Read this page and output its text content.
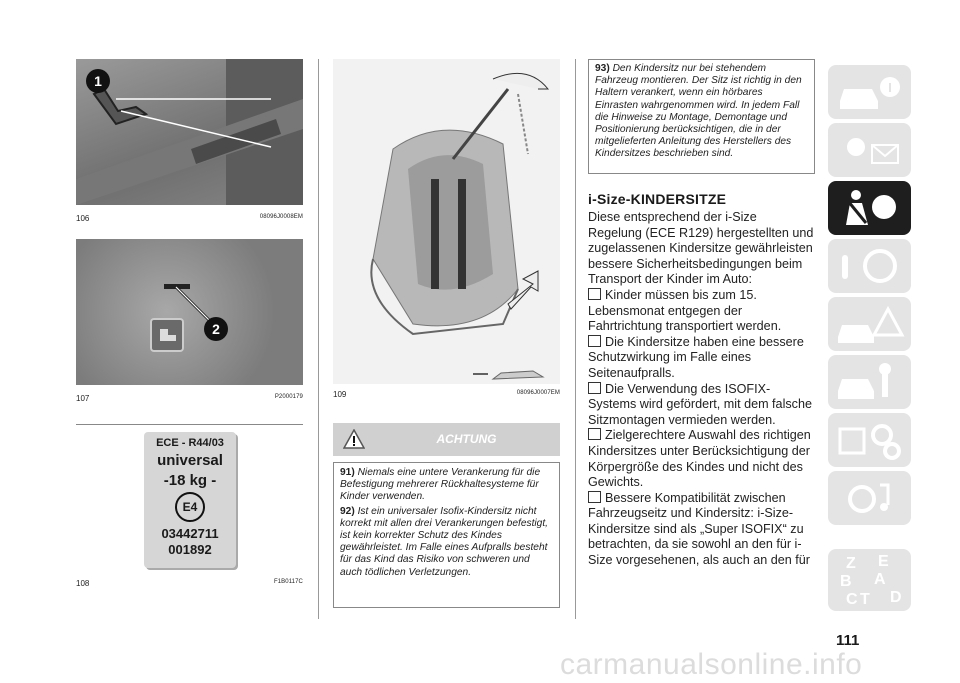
1
106	08096J0008EM
2
107	P2000179
ECE - R44/03
universal
-18 kg -
E4
03442711
001892
108	F1B0117C
109	08096J0007EM
ACHTUNG
91) Niemals eine untere Verankerung für die Befestigung mehrerer Rückhaltesysteme für Kinder verwenden.
92) Ist ein universaler Isofix-Kindersitz nicht korrekt mit allen drei Verankerungen befestigt, ist kein korrekter Schutz des Kindes gewährleistet. Im Falle eines Aufpralls besteht für das Kind das Risiko von schweren und auch tödlichen Verletzungen.
93) Den Kindersitz nur bei stehendem Fahrzeug montieren. Der Sitz ist richtig in den Haltern verankert, wenn ein hörbares Einrasten wahrgenommen wird. In jedem Fall die Hinweise zu Montage, Demontage und Positionierung berücksichtigen, die in der mitgelieferten Anleitung des Herstellers des Kindersitzes beschrieben sind.
i-Size-KINDERSITZE
Diese entsprechend der i-Size Regelung (ECE R129) hergestellten und zugelassenen Kindersitze gewährleisten bessere Sicherheitsbedingungen beim Transport der Kinder im Auto:
Kinder müssen bis zum 15. Lebensmonat entgegen der Fahrtrichtung transportiert werden.
Die Kindersitze haben eine bessere Schutzwirkung im Falle eines Seitenaufpralls.
Die Verwendung des ISOFIX-Systems wird gefördert, mit dem falsche Sitzmontagen vermieden werden.
Zielgerechtere Auswahl des richtigen Kindersitzes unter Berücksichtigung der Körpergröße des Kindes und nicht des Gewichts.
Bessere Kompatibilität zwischen Fahrzeugseitz und Kindersitz: i-Size-Kindersitze sind als „Super ISOFIX“ zu betrachten, da sie sowohl an den für i-Size vorgesehenen, als auch an den für Z E
B A
C T D
111
carmanualsonline.info
